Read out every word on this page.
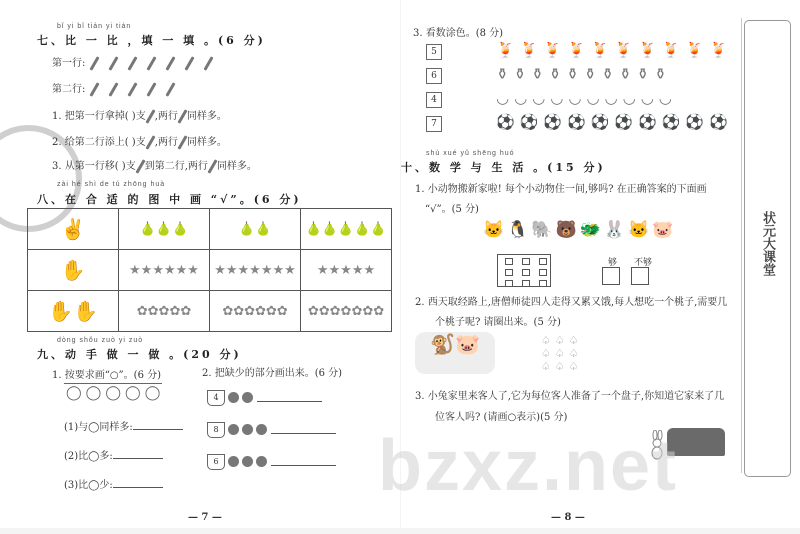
bǐ yi bǐ tián yi tián
七、比 一 比 ，填 一 填 。(6 分)
第一行:
第二行:
1. 把第一行拿掉( )支 ,两行 同样多。
2. 给第二行添上( )支 ,两行 同样多。
3. 从第一行移( )支 到第二行,两行 同样多。
zài hé shì de tú zhōng huà
八、在 合 适 的 图 中 画 “√”。(6 分)
✌	🍐🍐🍐	🍐🍐	🍐🍐🍐🍐🍐
✋	★★★★★★	★★★★★★★	★★★★★
✋✋	✿✿✿✿✿	✿✿✿✿✿✿	✿✿✿✿✿✿✿
dòng shǒu zuò yi zuò
九、动 手 做 一 做 。(20 分)
1. 按要求画“○”。(6 分)
◯◯◯◯◯
(1)与◯同样多:
(2)比◯多:
(3)比◯少:
2. 把缺少的部分画出来。(6 分)
4
8
6
— 7 —
3. 看数涂色。(8 分)
5	🍹🍹🍹🍹🍹🍹🍹🍹🍹🍹
6	⚱⚱⚱⚱⚱⚱⚱⚱⚱⚱
4	◡◡◡◡◡◡◡◡◡◡
7	⚽⚽⚽⚽⚽⚽⚽⚽⚽⚽
shù xué yǔ shēng huó
十、数 学 与 生 活 。(15 分)
1. 小动物搬新家啦! 每个小动物住一间,够吗? 在正确答案的下面画
“√”。(5 分)
🐱🐧🐘🐻🐲🐰🐱🐷
够 不够
2. 西天取经路上,唐僧师徒四人走得又累又饿,每人想吃一个桃子,需要几
个桃子呢? 请圈出来。(5 分)
🐒🐷	♤♤♤
♤♤♤
♤♤♤
3. 小兔家里来客人了,它为每位客人准备了一个盘子,你知道它家来了几
位客人吗? (请画○表示)(5 分)
— 8 —
状元大课堂
bzxz.net
